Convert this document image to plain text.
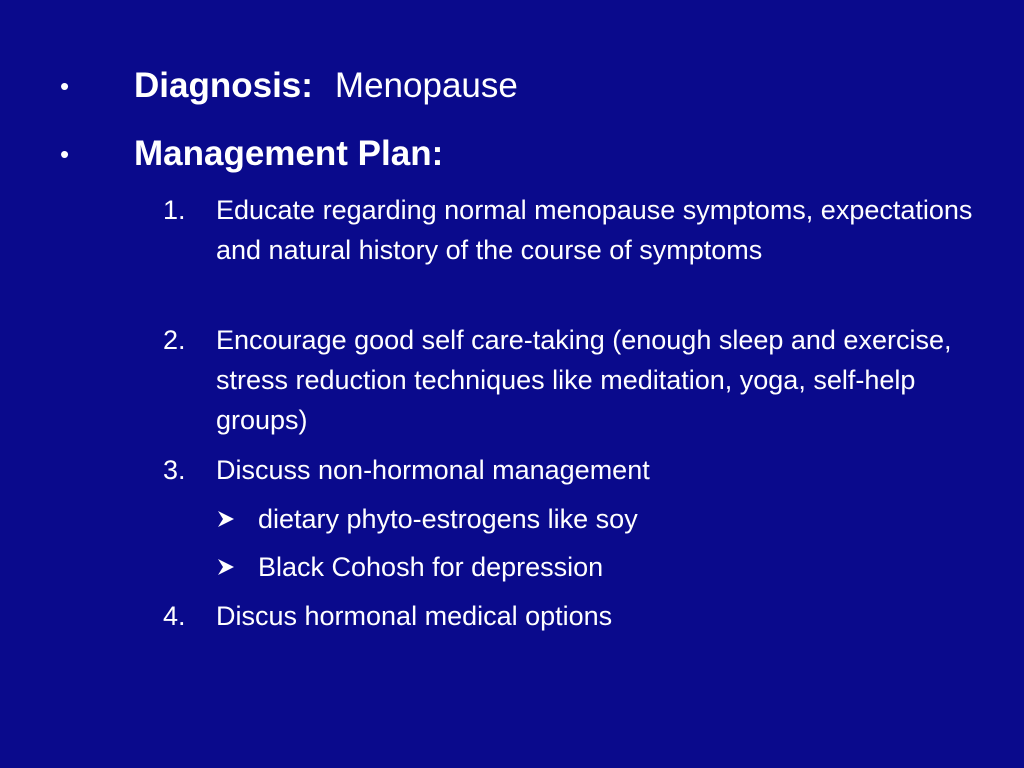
• Diagnosis: Menopause
• Management Plan:
1.	Educate regarding normal menopause symptoms, expectations and natural history of the course of symptoms
2.	Encourage good self care-taking (enough sleep and exercise, stress reduction techniques like meditation, yoga, self-help groups)
3.	Discuss non-hormonal management
dietary phyto-estrogens like soy
Black Cohosh for depression
4.	Discus hormonal medical options
